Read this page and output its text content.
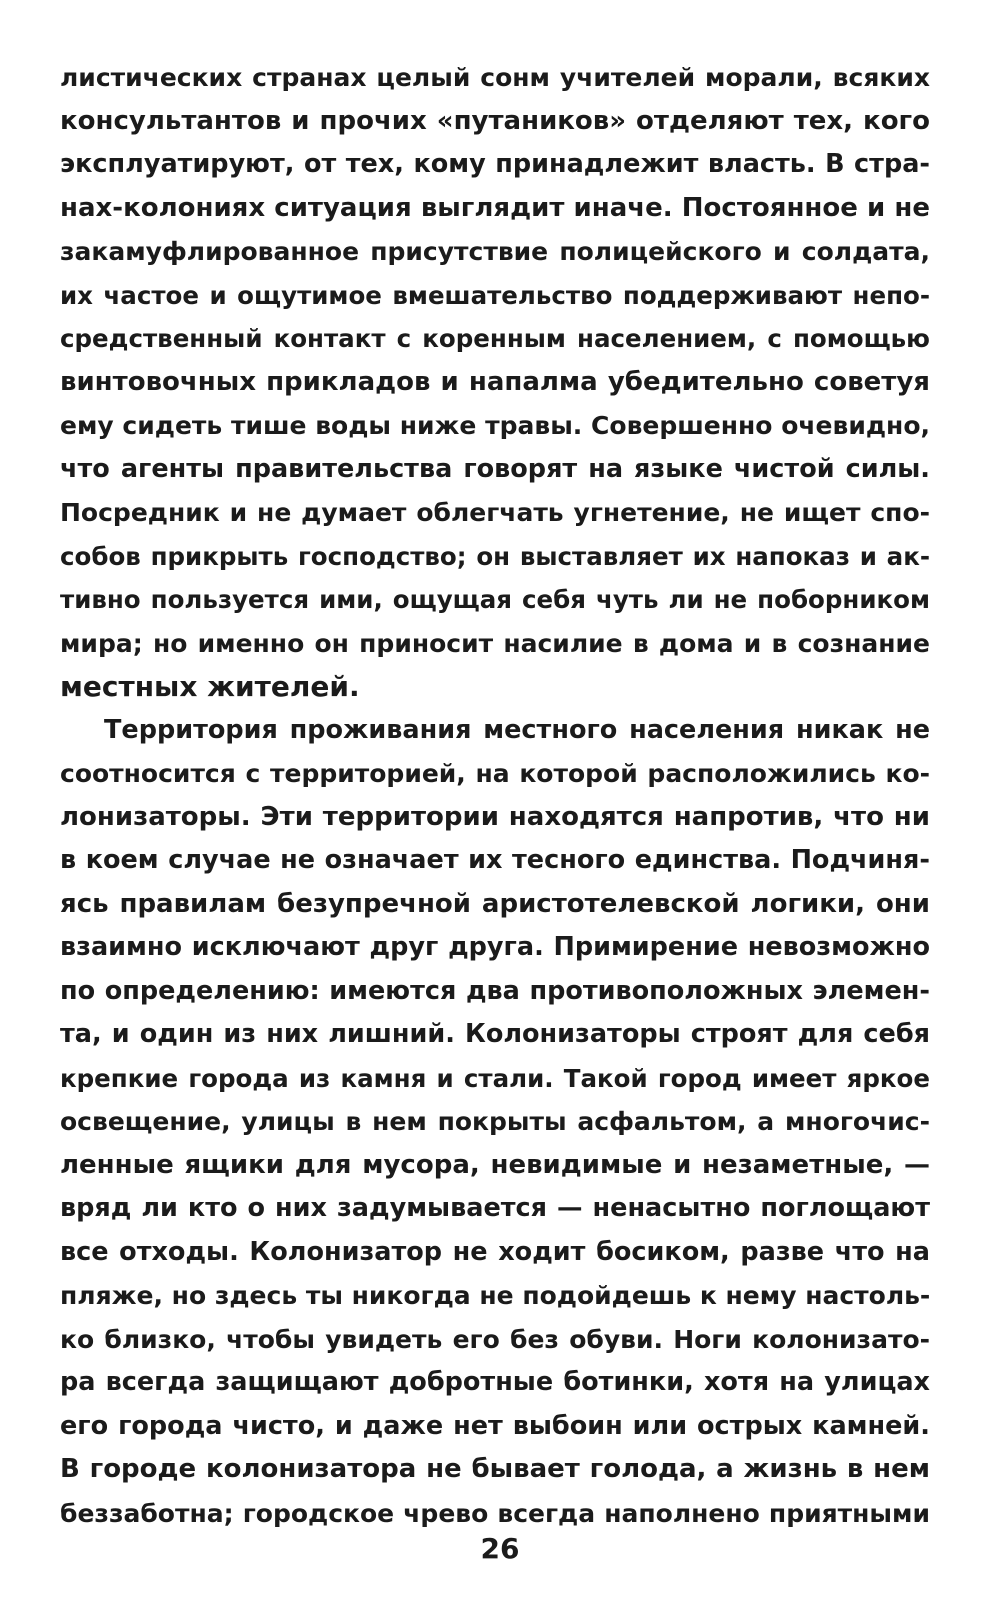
листических странах целый сонм учителей морали, всяких
консультантов и прочих «путаников» отделяют тех, кого
эксплуатируют, от тех, кому принадлежит власть. В стра-
нах-колониях ситуация выглядит иначе. Постоянное и не
закамуфлированное присутствие полицейского и солдата,
их частое и ощутимое вмешательство поддерживают непо-
средственный контакт с коренным населением, с помощью
винтовочных прикладов и напалма убедительно советуя
ему сидеть тише воды ниже травы. Совершенно очевидно,
что агенты правительства говорят на языке чистой силы.
Посредник и не думает облегчать угнетение, не ищет спо-
собов прикрыть господство; он выставляет их напоказ и ак-
тивно пользуется ими, ощущая себя чуть ли не поборником
мира; но именно он приносит насилие в дома и в сознание
местных жителей.
Территория проживания местного населения никак не
соотносится с территорией, на которой расположились ко-
лонизаторы. Эти территории находятся напротив, что ни
в коем случае не означает их тесного единства. Подчиня-
ясь правилам безупречной аристотелевской логики, они
взаимно исключают друг друга. Примирение невозможно
по определению: имеются два противоположных элемен-
та, и один из них лишний. Колонизаторы строят для себя
крепкие города из камня и стали. Такой город имеет яркое
освещение, улицы в нем покрыты асфальтом, а многочис-
ленные ящики для мусора, невидимые и незаметные, —
вряд ли кто о них задумывается — ненасытно поглощают
все отходы. Колонизатор не ходит босиком, разве что на
пляже, но здесь ты никогда не подойдешь к нему настоль-
ко близко, чтобы увидеть его без обуви. Ноги колонизато-
ра всегда защищают добротные ботинки, хотя на улицах
его города чисто, и даже нет выбоин или острых камней.
В городе колонизатора не бывает голода, а жизнь в нем
беззаботна; городское чрево всегда наполнено приятными
26
